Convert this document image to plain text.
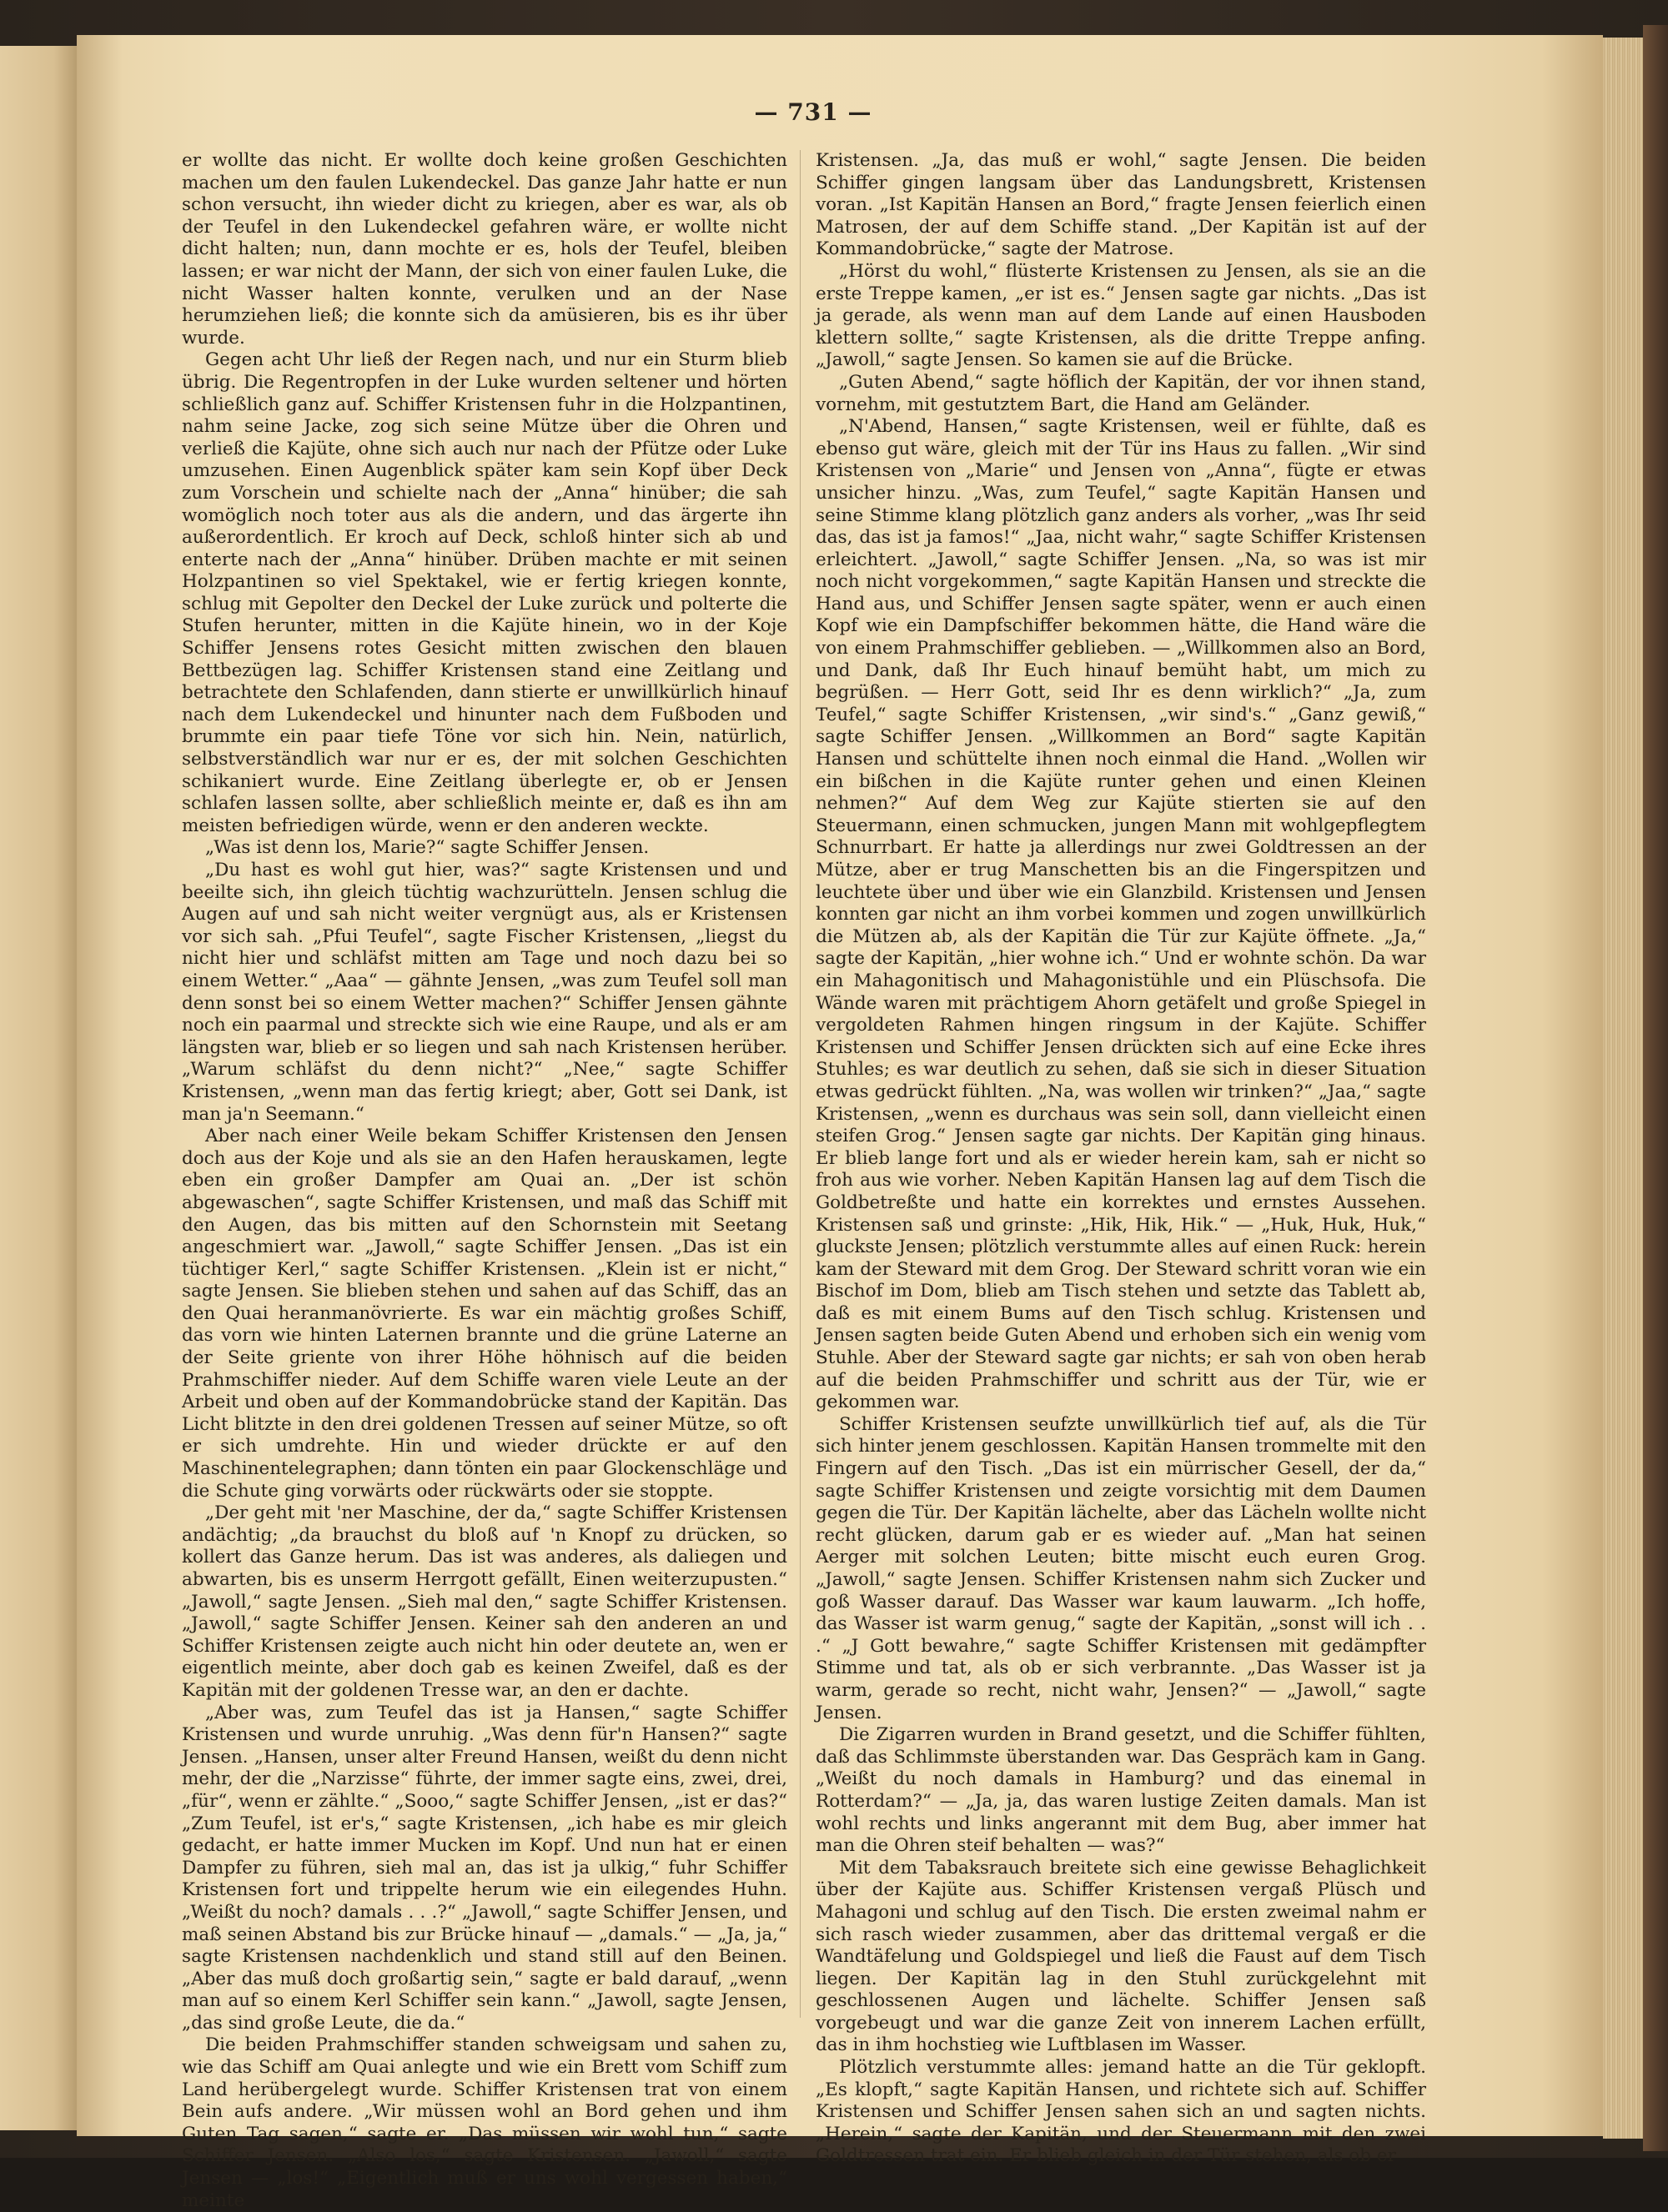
— 731 —

er wollte das nicht. Er wollte doch keine großen Geschichten machen um den faulen Lukendeckel. Das ganze Jahr hatte er nun schon versucht, ihn wieder dicht zu kriegen, aber es war, als ob der Teufel in den Lukendeckel gefahren wäre, er wollte nicht dicht halten; nun, dann mochte er es, hols der Teufel, bleiben lassen; er war nicht der Mann, der sich von einer faulen Luke, die nicht Wasser halten konnte, verulken und an der Nase herumziehen ließ; die konnte sich da amüsieren, bis es ihr über wurde.

Gegen acht Uhr ließ der Regen nach, und nur ein Sturm blieb übrig. Die Regentropfen in der Luke wurden seltener und hörten schließlich ganz auf. Schiffer Kristensen fuhr in die Holzpantinen, nahm seine Jacke, zog sich seine Mütze über die Ohren und verließ die Kajüte, ohne sich auch nur nach der Pfütze oder Luke umzusehen. Einen Augenblick später kam sein Kopf über Deck zum Vorschein und schielte nach der „Anna“ hinüber; die sah womöglich noch toter aus als die andern, und das ärgerte ihn außerordentlich. Er kroch auf Deck, schloß hinter sich ab und enterte nach der „Anna“ hinüber. Drüben machte er mit seinen Holzpantinen so viel Spektakel, wie er fertig kriegen konnte, schlug mit Gepolter den Deckel der Luke zurück und polterte die Stufen herunter, mitten in die Kajüte hinein, wo in der Koje Schiffer Jensens rotes Gesicht mitten zwischen den blauen Bettbezügen lag. Schiffer Kristensen stand eine Zeitlang und betrachtete den Schlafenden, dann stierte er unwillkürlich hinauf nach dem Lukendeckel und hinunter nach dem Fußboden und brummte ein paar tiefe Töne vor sich hin. Nein, natürlich, selbstverständlich war nur er es, der mit solchen Geschichten schikaniert wurde. Eine Zeitlang überlegte er, ob er Jensen schlafen lassen sollte, aber schließlich meinte er, daß es ihn am meisten befriedigen würde, wenn er den anderen weckte.

„Was ist denn los, Marie?“ sagte Schiffer Jensen.

„Du hast es wohl gut hier, was?“ sagte Kristensen und und beeilte sich, ihn gleich tüchtig wachzurütteln. Jensen schlug die Augen auf und sah nicht weiter vergnügt aus, als er Kristensen vor sich sah. „Pfui Teufel“, sagte Fischer Kristensen, „liegst du nicht hier und schläfst mitten am Tage und noch dazu bei so einem Wetter.“ „Aaa“ — gähnte Jensen, „was zum Teufel soll man denn sonst bei so einem Wetter machen?“ Schiffer Jensen gähnte noch ein paarmal und streckte sich wie eine Raupe, und als er am längsten war, blieb er so liegen und sah nach Kristensen herüber. „Warum schläfst du denn nicht?“ „Nee,“ sagte Schiffer Kristensen, „wenn man das fertig kriegt; aber, Gott sei Dank, ist man ja'n Seemann.“

Aber nach einer Weile bekam Schiffer Kristensen den Jensen doch aus der Koje und als sie an den Hafen herauskamen, legte eben ein großer Dampfer am Quai an. „Der ist schön abgewaschen“, sagte Schiffer Kristensen, und maß das Schiff mit den Augen, das bis mitten auf den Schornstein mit Seetang angeschmiert war. „Jawoll,“ sagte Schiffer Jensen. „Das ist ein tüchtiger Kerl,“ sagte Schiffer Kristensen. „Klein ist er nicht,“ sagte Jensen. Sie blieben stehen und sahen auf das Schiff, das an den Quai heranmanövrierte. Es war ein mächtig großes Schiff, das vorn wie hinten Laternen brannte und die grüne Laterne an der Seite griente von ihrer Höhe höhnisch auf die beiden Prahmschiffer nieder. Auf dem Schiffe waren viele Leute an der Arbeit und oben auf der Kommandobrücke stand der Kapitän. Das Licht blitzte in den drei goldenen Tressen auf seiner Mütze, so oft er sich umdrehte. Hin und wieder drückte er auf den Maschinentelegraphen; dann tönten ein paar Glockenschläge und die Schute ging vorwärts oder rückwärts oder sie stoppte.

„Der geht mit 'ner Maschine, der da,“ sagte Schiffer Kristensen andächtig; „da brauchst du bloß auf 'n Knopf zu drücken, so kollert das Ganze herum. Das ist was anderes, als daliegen und abwarten, bis es unserm Herrgott gefällt, Einen weiterzupusten.“ „Jawoll,“ sagte Jensen. „Sieh mal den,“ sagte Schiffer Kristensen. „Jawoll,“ sagte Schiffer Jensen. Keiner sah den anderen an und Schiffer Kristensen zeigte auch nicht hin oder deutete an, wen er eigentlich meinte, aber doch gab es keinen Zweifel, daß es der Kapitän mit der goldenen Tresse war, an den er dachte.

„Aber was, zum Teufel das ist ja Hansen,“ sagte Schiffer Kristensen und wurde unruhig. „Was denn für'n Hansen?“ sagte Jensen. „Hansen, unser alter Freund Hansen, weißt du denn nicht mehr, der die „Narzisse“ führte, der immer sagte eins, zwei, drei, „für“, wenn er zählte.“ „Sooo,“ sagte Schiffer Jensen, „ist er das?“ „Zum Teufel, ist er's,“ sagte Kristensen, „ich habe es mir gleich gedacht, er hatte immer Mucken im Kopf. Und nun hat er einen Dampfer zu führen, sieh mal an, das ist ja ulkig,“ fuhr Schiffer Kristensen fort und trippelte herum wie ein eilegendes Huhn. „Weißt du noch? damals . . .?“ „Jawoll,“ sagte Schiffer Jensen, und maß seinen Abstand bis zur Brücke hinauf — „damals.“ — „Ja, ja,“ sagte Kristensen nachdenklich und stand still auf den Beinen. „Aber das muß doch großartig sein,“ sagte er bald darauf, „wenn man auf so einem Kerl Schiffer sein kann.“ „Jawoll, sagte Jensen, „das sind große Leute, die da.“

Die beiden Prahmschiffer standen schweigsam und sahen zu, wie das Schiff am Quai anlegte und wie ein Brett vom Schiff zum Land herübergelegt wurde. Schiffer Kristensen trat von einem Bein aufs andere. „Wir müssen wohl an Bord gehen und ihm Guten Tag sagen,“ sagte er. „Das müssen wir wohl tun,“ sagte Schiffer Jensen. „Also los,“ sagte Kristensen. „Jawoll,“ sagte Jensen — „los!“ „Eigentlich muß er uns wohl vergessen haben,“ meinte

Kristensen. „Ja, das muß er wohl,“ sagte Jensen. Die beiden Schiffer gingen langsam über das Landungsbrett, Kristensen voran. „Ist Kapitän Hansen an Bord,“ fragte Jensen feierlich einen Matrosen, der auf dem Schiffe stand. „Der Kapitän ist auf der Kommandobrücke,“ sagte der Matrose.

„Hörst du wohl,“ flüsterte Kristensen zu Jensen, als sie an die erste Treppe kamen, „er ist es.“ Jensen sagte gar nichts. „Das ist ja gerade, als wenn man auf dem Lande auf einen Hausboden klettern sollte,“ sagte Kristensen, als die dritte Treppe anfing. „Jawoll,“ sagte Jensen. So kamen sie auf die Brücke.

„Guten Abend,“ sagte höflich der Kapitän, der vor ihnen stand, vornehm, mit gestutztem Bart, die Hand am Geländer.

„N'Abend, Hansen,“ sagte Kristensen, weil er fühlte, daß es ebenso gut wäre, gleich mit der Tür ins Haus zu fallen. „Wir sind Kristensen von „Marie“ und Jensen von „Anna“, fügte er etwas unsicher hinzu. „Was, zum Teufel,“ sagte Kapitän Hansen und seine Stimme klang plötzlich ganz anders als vorher, „was Ihr seid das, das ist ja famos!“ „Jaa, nicht wahr,“ sagte Schiffer Kristensen erleichtert. „Jawoll,“ sagte Schiffer Jensen. „Na, so was ist mir noch nicht vorgekommen,“ sagte Kapitän Hansen und streckte die Hand aus, und Schiffer Jensen sagte später, wenn er auch einen Kopf wie ein Dampfschiffer bekommen hätte, die Hand wäre die von einem Prahmschiffer geblieben. — „Willkommen also an Bord, und Dank, daß Ihr Euch hinauf bemüht habt, um mich zu begrüßen. — Herr Gott, seid Ihr es denn wirklich?“ „Ja, zum Teufel,“ sagte Schiffer Kristensen, „wir sind's.“ „Ganz gewiß,“ sagte Schiffer Jensen. „Willkommen an Bord“ sagte Kapitän Hansen und schüttelte ihnen noch einmal die Hand. „Wollen wir ein bißchen in die Kajüte runter gehen und einen Kleinen nehmen?“ Auf dem Weg zur Kajüte stierten sie auf den Steuermann, einen schmucken, jungen Mann mit wohlgepflegtem Schnurrbart. Er hatte ja allerdings nur zwei Goldtressen an der Mütze, aber er trug Manschetten bis an die Fingerspitzen und leuchtete über und über wie ein Glanzbild. Kristensen und Jensen konnten gar nicht an ihm vorbei kommen und zogen unwillkürlich die Mützen ab, als der Kapitän die Tür zur Kajüte öffnete. „Ja,“ sagte der Kapitän, „hier wohne ich.“ Und er wohnte schön. Da war ein Mahagonitisch und Mahagonistühle und ein Plüschsofa. Die Wände waren mit prächtigem Ahorn getäfelt und große Spiegel in vergoldeten Rahmen hingen ringsum in der Kajüte. Schiffer Kristensen und Schiffer Jensen drückten sich auf eine Ecke ihres Stuhles; es war deutlich zu sehen, daß sie sich in dieser Situation etwas gedrückt fühlten. „Na, was wollen wir trinken?“ „Jaa,“ sagte Kristensen, „wenn es durchaus was sein soll, dann vielleicht einen steifen Grog.“ Jensen sagte gar nichts. Der Kapitän ging hinaus. Er blieb lange fort und als er wieder herein kam, sah er nicht so froh aus wie vorher. Neben Kapitän Hansen lag auf dem Tisch die Goldbetreßte und hatte ein korrektes und ernstes Aussehen. Kristensen saß und grinste: „Hik, Hik, Hik.“ — „Huk, Huk, Huk,“ gluckste Jensen; plötzlich verstummte alles auf einen Ruck: herein kam der Steward mit dem Grog. Der Steward schritt voran wie ein Bischof im Dom, blieb am Tisch stehen und setzte das Tablett ab, daß es mit einem Bums auf den Tisch schlug. Kristensen und Jensen sagten beide Guten Abend und erhoben sich ein wenig vom Stuhle. Aber der Steward sagte gar nichts; er sah von oben herab auf die beiden Prahmschiffer und schritt aus der Tür, wie er gekommen war.

Schiffer Kristensen seufzte unwillkürlich tief auf, als die Tür sich hinter jenem geschlossen. Kapitän Hansen trommelte mit den Fingern auf den Tisch. „Das ist ein mürrischer Gesell, der da,“ sagte Schiffer Kristensen und zeigte vorsichtig mit dem Daumen gegen die Tür. Der Kapitän lächelte, aber das Lächeln wollte nicht recht glücken, darum gab er es wieder auf. „Man hat seinen Aerger mit solchen Leuten; bitte mischt euch euren Grog. „Jawoll,“ sagte Jensen. Schiffer Kristensen nahm sich Zucker und goß Wasser darauf. Das Wasser war kaum lauwarm. „Ich hoffe, das Wasser ist warm genug,“ sagte der Kapitän, „sonst will ich . . .“ „J Gott bewahre,“ sagte Schiffer Kristensen mit gedämpfter Stimme und tat, als ob er sich verbrannte. „Das Wasser ist ja warm, gerade so recht, nicht wahr, Jensen?“ — „Jawoll,“ sagte Jensen.

Die Zigarren wurden in Brand gesetzt, und die Schiffer fühlten, daß das Schlimmste überstanden war. Das Gespräch kam in Gang. „Weißt du noch damals in Hamburg? und das einemal in Rotterdam?“ — „Ja, ja, das waren lustige Zeiten damals. Man ist wohl rechts und links angerannt mit dem Bug, aber immer hat man die Ohren steif behalten — was?“

Mit dem Tabaksrauch breitete sich eine gewisse Behaglichkeit über der Kajüte aus. Schiffer Kristensen vergaß Plüsch und Mahagoni und schlug auf den Tisch. Die ersten zweimal nahm er sich rasch wieder zusammen, aber das drittemal vergaß er die Wandtäfelung und Goldspiegel und ließ die Faust auf dem Tisch liegen. Der Kapitän lag in den Stuhl zurückgelehnt mit geschlossenen Augen und lächelte. Schiffer Jensen saß vorgebeugt und war die ganze Zeit von innerem Lachen erfüllt, das in ihm hochstieg wie Luftblasen im Wasser.

Plötzlich verstummte alles: jemand hatte an die Tür geklopft. „Es klopft,“ sagte Kapitän Hansen, und richtete sich auf. Schiffer Kristensen und Schiffer Jensen sahen sich an und sagten nichts. „Herein,“ sagte der Kapitän, und der Steuermann mit den zwei Goldtressen trat ein. Er blieb gleich in der Tür stehen, als ob er
